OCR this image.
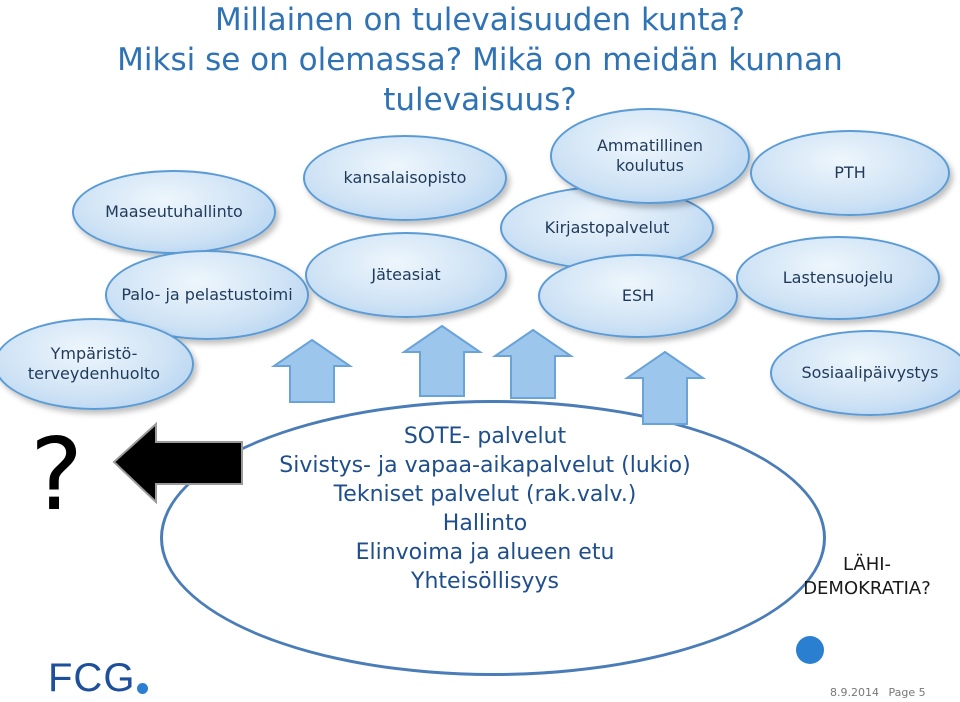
Millainen on tulevaisuuden kunta?
Miksi se on olemassa? Mikä on meidän kunnan
tulevaisuus?
Maaseutuhallinto
kansalaisopisto
Kirjastopalvelut
Ammatillinen
koulutus	PTH
Palo- ja pelastustoimi
Jäteasiat
ESH
Lastensuojelu
Ympäristö-
terveydenhuolto	Sosiaalipäivystys
SOTE- palvelut
Sivistys- ja vapaa-aikapalvelut (lukio)
Tekniset palvelut (rak.valv.)
Hallinto
Elinvoima ja alueen etu
Yhteisöllisyys
?
LÄHI-
DEMOKRATIA?
FCG	8.9.2014 Page 5
